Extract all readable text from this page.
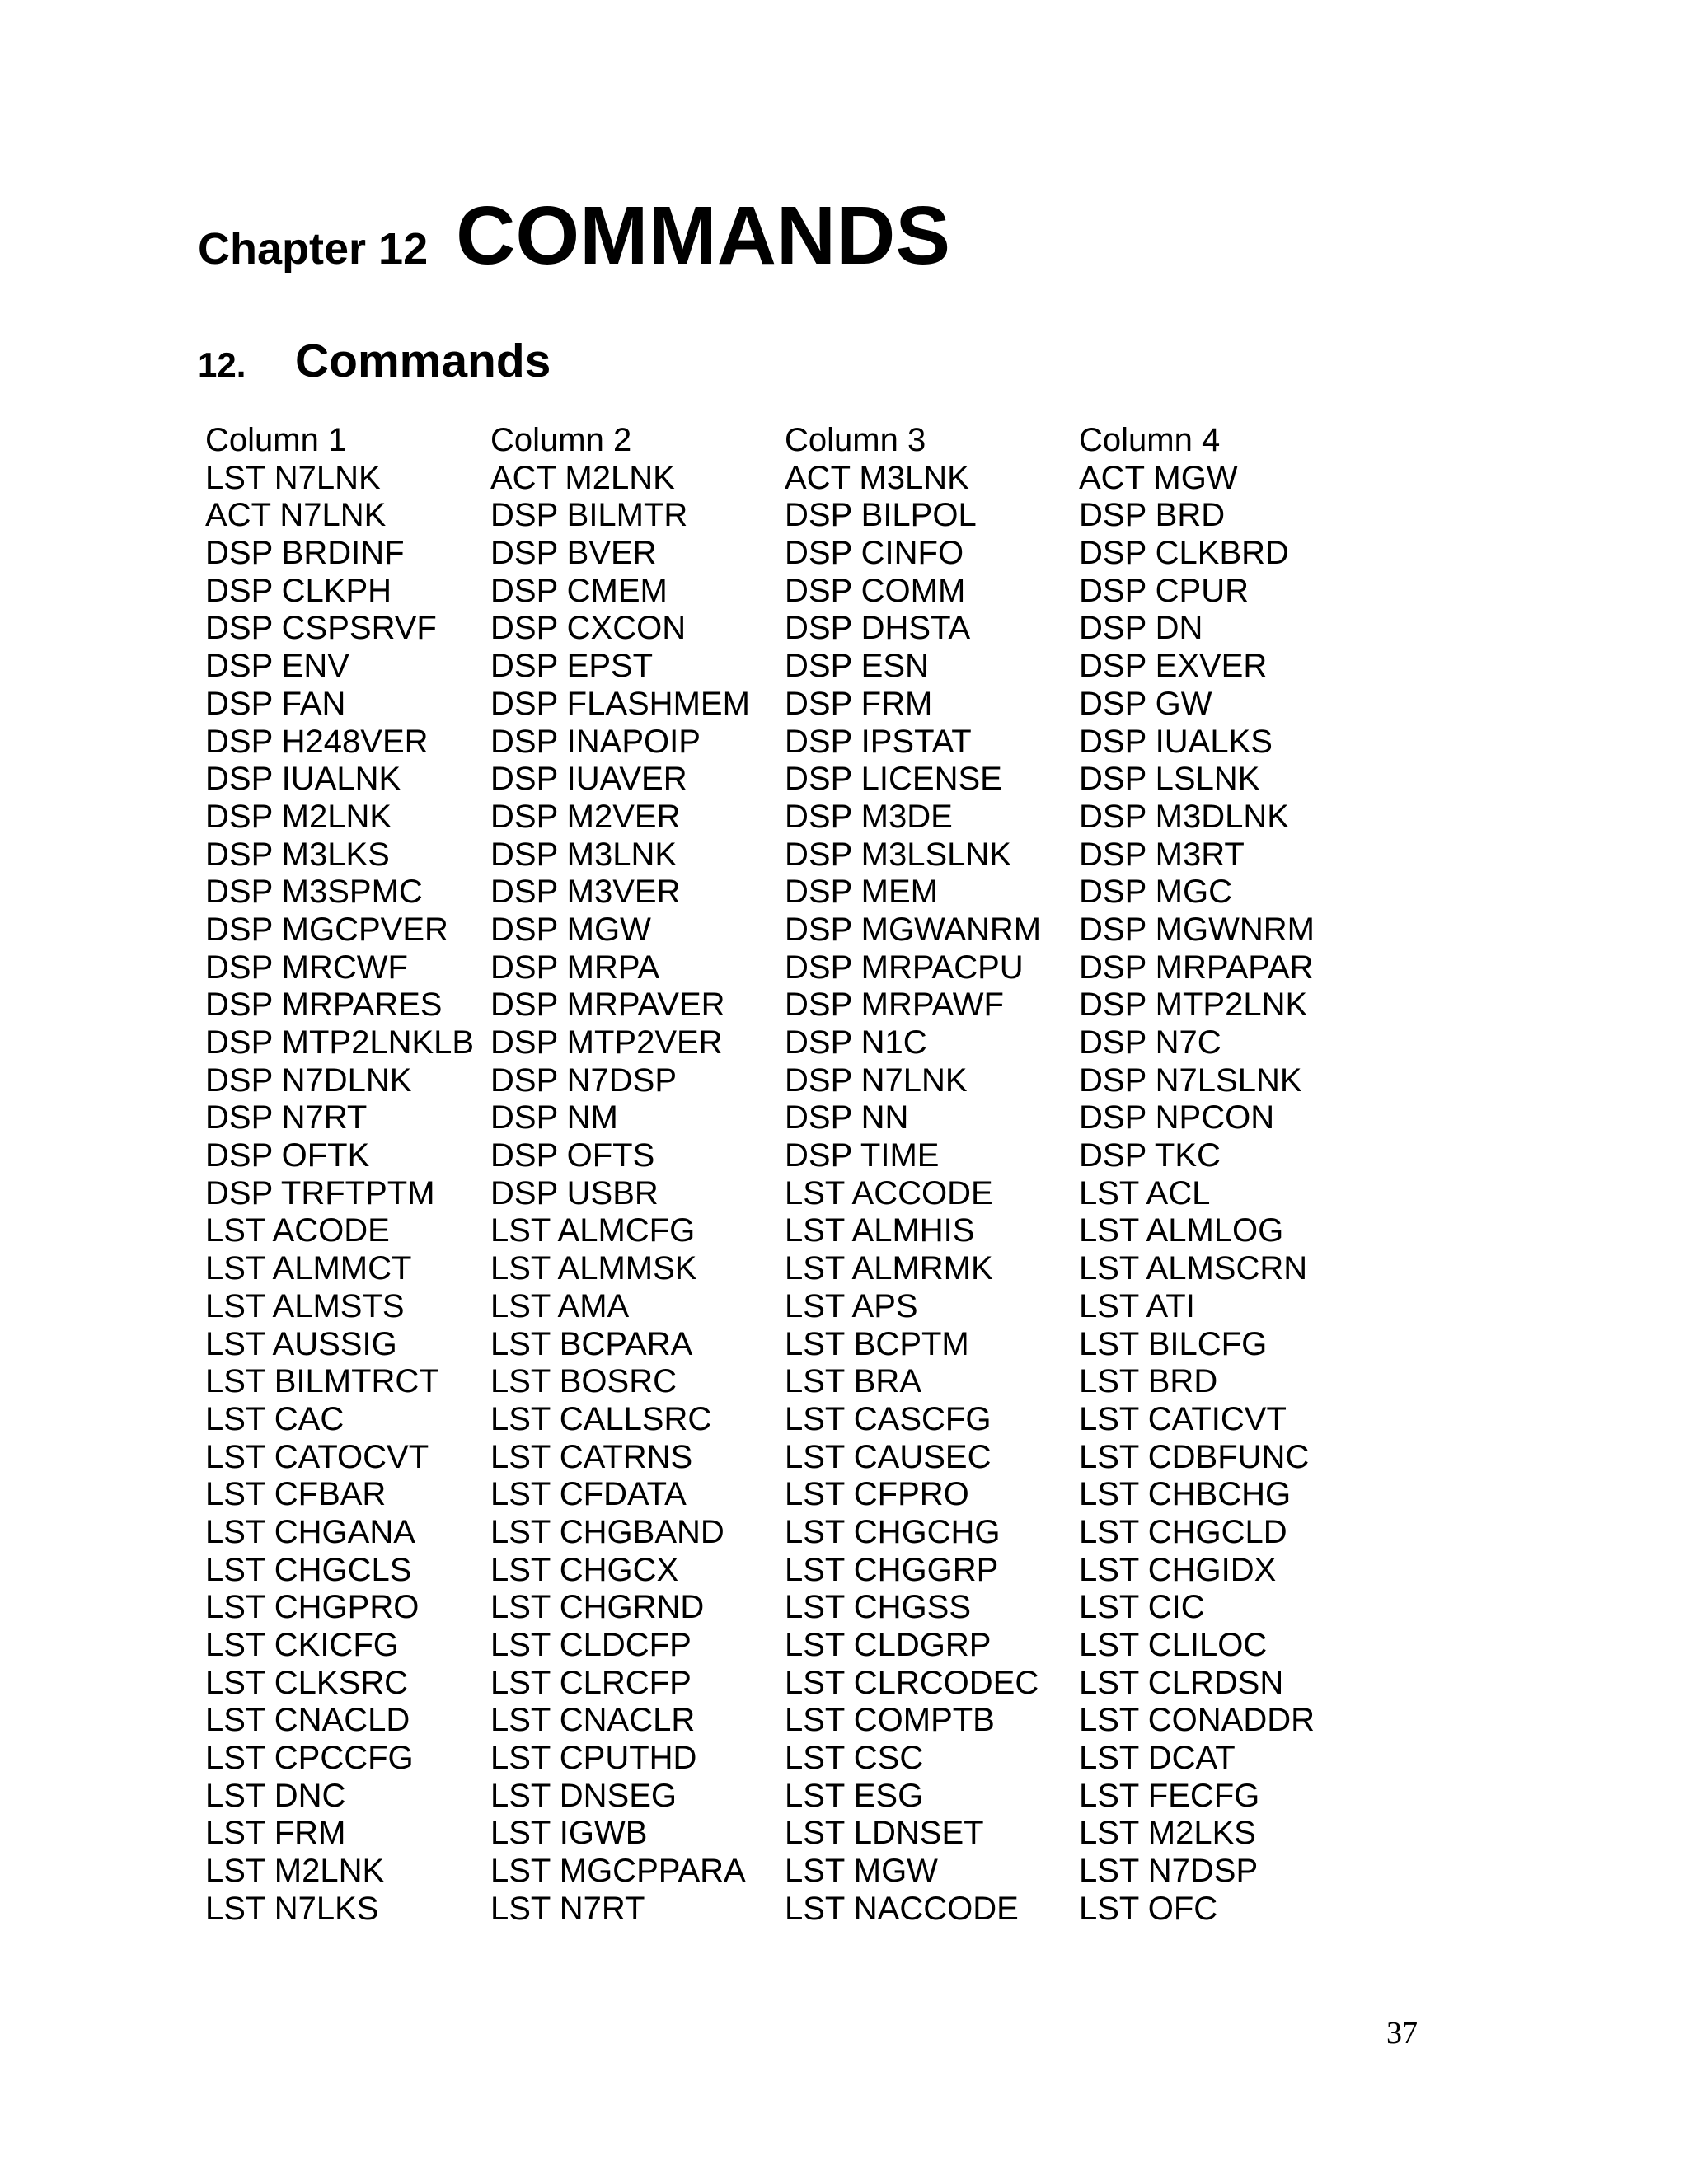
Chapter 12 COMMANDS
12. Commands
Column 1
LST N7LNK
ACT N7LNK
DSP BRDINF
DSP CLKPH
DSP CSPSRVF
DSP ENV
DSP FAN
DSP H248VER
DSP IUALNK
DSP M2LNK
DSP M3LKS
DSP M3SPMC
DSP MGCPVER
DSP MRCWF
DSP MRPARES
DSP MTP2LNKLB
DSP N7DLNK
DSP N7RT
DSP OFTK
DSP TRFTPTM
LST ACODE
LST ALMMCT
LST ALMSTS
LST AUSSIG
LST BILMTRCT
LST CAC
LST CATOCVT
LST CFBAR
LST CHGANA
LST CHGCLS
LST CHGPRO
LST CKICFG
LST CLKSRC
LST CNACLD
LST CPCCFG
LST DNC
LST FRM
LST M2LNK
LST N7LKS
Column 2
ACT M2LNK
DSP BILMTR
DSP BVER
DSP CMEM
DSP CXCON
DSP EPST
DSP FLASHMEM
DSP INAPOIP
DSP IUAVER
DSP M2VER
DSP M3LNK
DSP M3VER
DSP MGW
DSP MRPA
DSP MRPAVER
DSP MTP2VER
DSP N7DSP
DSP NM
DSP OFTS
DSP USBR
LST ALMCFG
LST ALMMSK
LST AMA
LST BCPARA
LST BOSRC
LST CALLSRC
LST CATRNS
LST CFDATA
LST CHGBAND
LST CHGCX
LST CHGRND
LST CLDCFP
LST CLRCFP
LST CNACLR
LST CPUTHD
LST DNSEG
LST IGWB
LST MGCPPARA
LST N7RT
Column 3
ACT M3LNK
DSP BILPOL
DSP CINFO
DSP COMM
DSP DHSTA
DSP ESN
DSP FRM
DSP IPSTAT
DSP LICENSE
DSP M3DE
DSP M3LSLNK
DSP MEM
DSP MGWANRM
DSP MRPACPU
DSP MRPAWF
DSP N1C
DSP N7LNK
DSP NN
DSP TIME
LST ACCODE
LST ALMHIS
LST ALMRMK
LST APS
LST BCPTM
LST BRA
LST CASCFG
LST CAUSEC
LST CFPRO
LST CHGCHG
LST CHGGRP
LST CHGSS
LST CLDGRP
LST CLRCODEC
LST COMPTB
LST CSC
LST ESG
LST LDNSET
LST MGW
LST NACCODE
Column 4
ACT MGW
DSP BRD
DSP CLKBRD
DSP CPUR
DSP DN
DSP EXVER
DSP GW
DSP IUALKS
DSP LSLNK
DSP M3DLNK
DSP M3RT
DSP MGC
DSP MGWNRM
DSP MRPAPAR
DSP MTP2LNK
DSP N7C
DSP N7LSLNK
DSP NPCON
DSP TKC
LST ACL
LST ALMLOG
LST ALMSCRN
LST ATI
LST BILCFG
LST BRD
LST CATICVT
LST CDBFUNC
LST CHBCHG
LST CHGCLD
LST CHGIDX
LST CIC
LST CLILOC
LST CLRDSN
LST CONADDR
LST DCAT
LST FECFG
LST M2LKS
LST N7DSP
LST OFC
37
